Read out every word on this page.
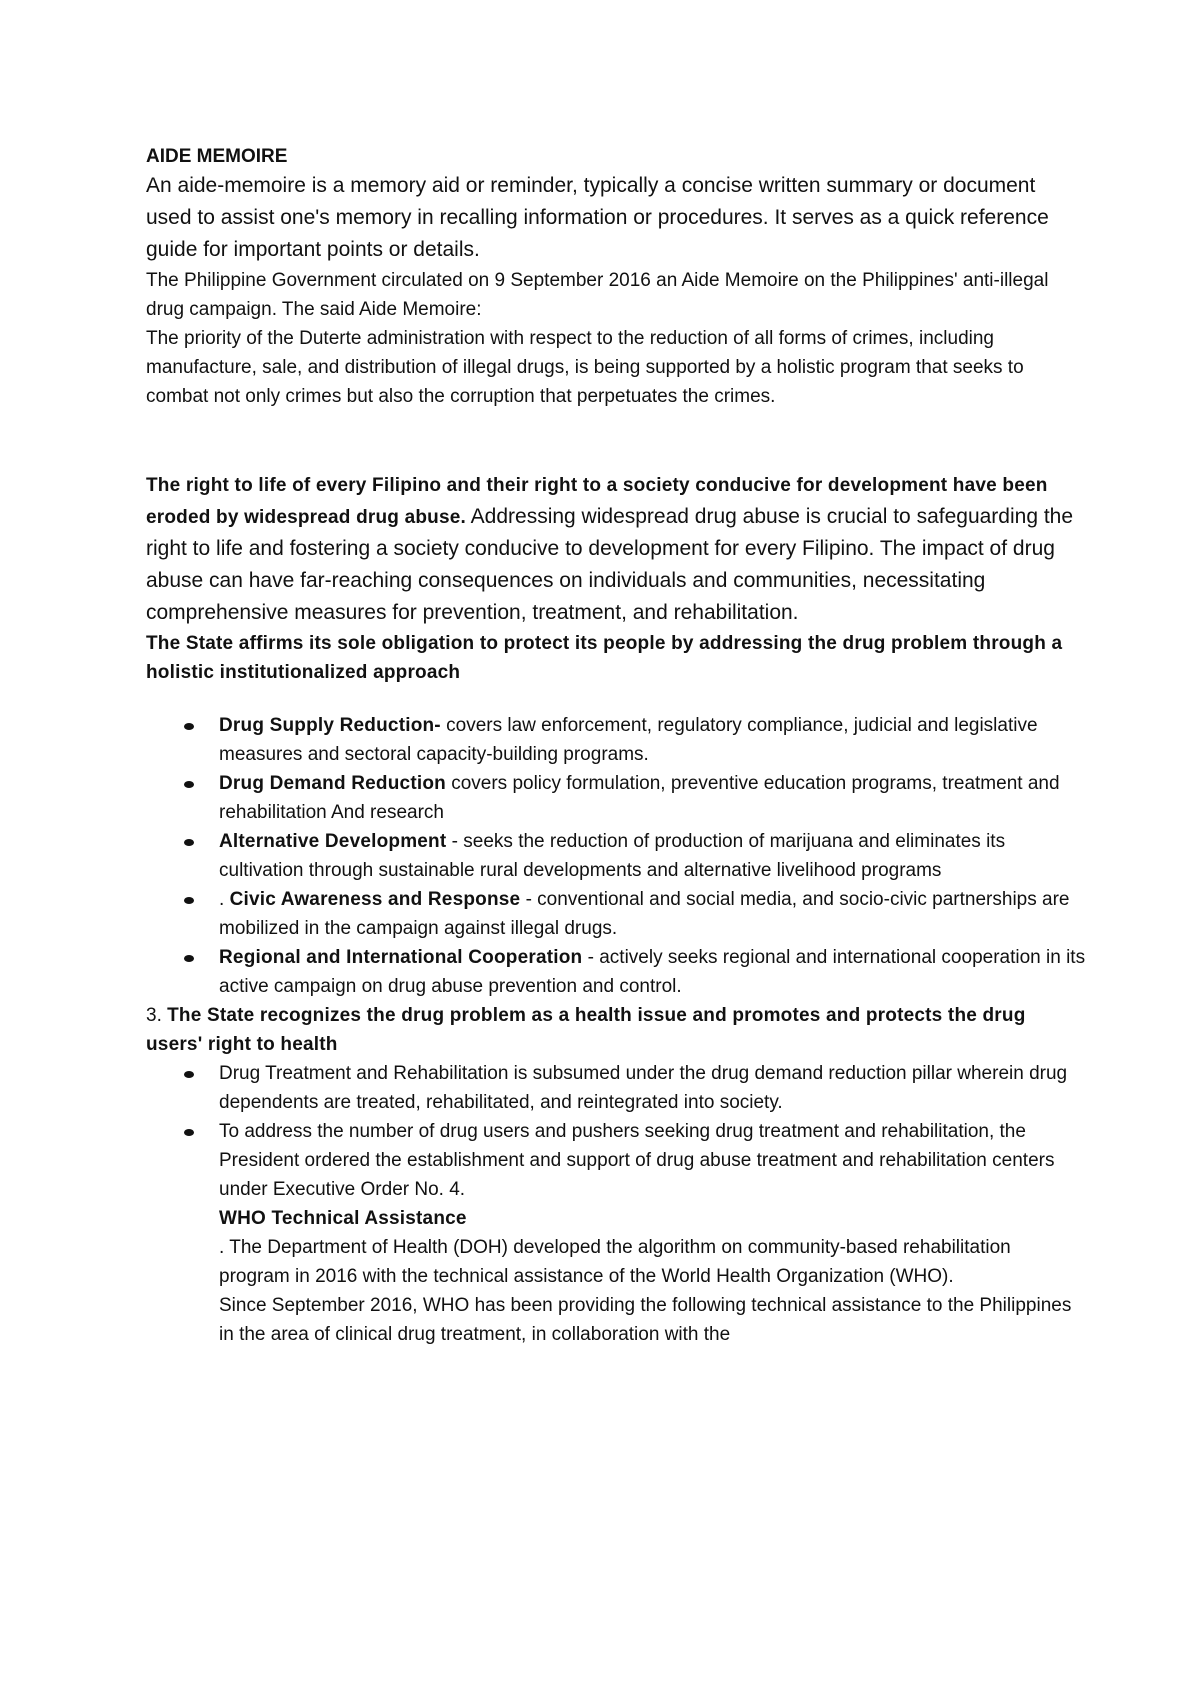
AIDE MEMOIRE

An aide-memoire is a memory aid or reminder, typically a concise written summary or document used to assist one's memory in recalling information or procedures. It serves as a quick reference guide for important points or details.

The Philippine Government circulated on 9 September 2016 an Aide Memoire on the Philippines' anti-illegal drug campaign. The said Aide Memoire:

The priority of the Duterte administration with respect to the reduction of all forms of crimes, including manufacture, sale, and distribution of illegal drugs, is being supported by a holistic program that seeks to combat not only crimes but also the corruption that perpetuates the crimes.

The right to life of every Filipino and their right to a society conducive for development have been eroded by widespread drug abuse. Addressing widespread drug abuse is crucial to safeguarding the right to life and fostering a society conducive to development for every Filipino. The impact of drug abuse can have far-reaching consequences on individuals and communities, necessitating comprehensive measures for prevention, treatment, and rehabilitation.

The State affirms its sole obligation to protect its people by addressing the drug problem through a holistic institutionalized approach

Drug Supply Reduction- covers law enforcement, regulatory compliance, judicial and legislative measures and sectoral capacity-building programs.
Drug Demand Reduction covers policy formulation, preventive education programs, treatment and rehabilitation And research
Alternative Development - seeks the reduction of production of marijuana and eliminates its cultivation through sustainable rural developments and alternative livelihood programs
. Civic Awareness and Response - conventional and social media, and socio-civic partnerships are mobilized in the campaign against illegal drugs.
Regional and International Cooperation - actively seeks regional and international cooperation in its
active campaign on drug abuse prevention and control.

3. The State recognizes the drug problem as a health issue and promotes and protects the drug users' right to health

Drug Treatment and Rehabilitation is subsumed under the drug demand reduction pillar wherein drug dependents are treated, rehabilitated, and reintegrated into society.
To address the number of drug users and pushers seeking drug treatment and rehabilitation, the President ordered the establishment and support of drug abuse treatment and rehabilitation centers under Executive Order No. 4.

WHO Technical Assistance

. The Department of Health (DOH) developed the algorithm on community-based rehabilitation program in 2016 with the technical assistance of the World Health Organization (WHO).

Since September 2016, WHO has been providing the following technical assistance to the Philippines in the area of clinical drug treatment, in collaboration with the
